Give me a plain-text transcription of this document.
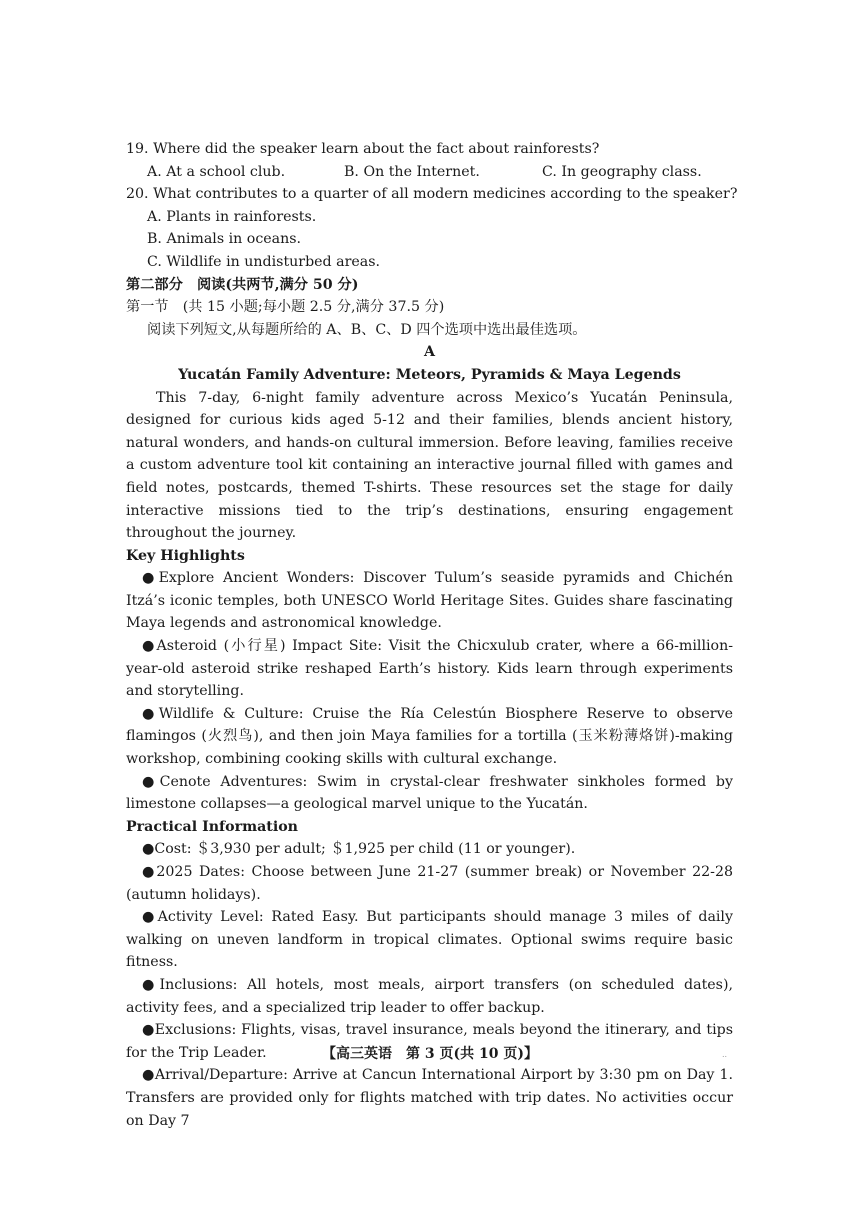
19. Where did the speaker learn about the fact about rainforests?
A. At a school club.	B. On the Internet.	C. In geography class.
20. What contributes to a quarter of all modern medicines according to the speaker?
A. Plants in rainforests.
B. Animals in oceans.
C. Wildlife in undisturbed areas.
第二部分　阅读(共两节,满分 50 分)
第一节　(共 15 小题;每小题 2.5 分,满分 37.5 分)
阅读下列短文,从每题所给的 A、B、C、D 四个选项中选出最佳选项。
A
Yucatán Family Adventure: Meteors, Pyramids & Maya Legends

This 7-day, 6-night family adventure across Mexico’s Yucatán Peninsula, designed for curious kids aged 5-12 and their families, blends ancient history, natural wonders, and hands-on cultural immersion. Before leaving, families receive a custom adventure tool kit containing an interactive journal filled with games and field notes, postcards, themed T-shirts. These resources set the stage for daily interactive missions tied to the trip’s destinations, ensuring engagement throughout the journey.

Key Highlights

●Explore Ancient Wonders: Discover Tulum’s seaside pyramids and Chichén Itzá’s iconic temples, both UNESCO World Heritage Sites. Guides share fascinating Maya legends and astronomical knowledge.

●Asteroid (小行星) Impact Site: Visit the Chicxulub crater, where a 66-million-year-old asteroid strike reshaped Earth’s history. Kids learn through experiments and storytelling.

●Wildlife & Culture: Cruise the Ría Celestún Biosphere Reserve to observe flamingos (火烈鸟), and then join Maya families for a tortilla (玉米粉薄烙饼)-making workshop, combining cooking skills with cultural exchange.

●Cenote Adventures: Swim in crystal-clear freshwater sinkholes formed by limestone collapses—a geological marvel unique to the Yucatán.

Practical Information

●Cost: ＄3,930 per adult; ＄1,925 per child (11 or younger).

●2025 Dates: Choose between June 21-27 (summer break) or November 22-28 (autumn holidays).

●Activity Level: Rated Easy. But participants should manage 3 miles of daily walking on uneven landform in tropical climates. Optional swims require basic fitness.

●Inclusions: All hotels, most meals, airport transfers (on scheduled dates), activity fees, and a specialized trip leader to offer backup.

●Exclusions: Flights, visas, travel insurance, meals beyond the itinerary, and tips for the Trip Leader.

●Arrival/Departure: Arrive at Cancun International Airport by 3:30 pm on Day 1. Transfers are provided only for flights matched with trip dates. No activities occur on Day 7

【高三英语　第 3 页(共 10 页)】	..
